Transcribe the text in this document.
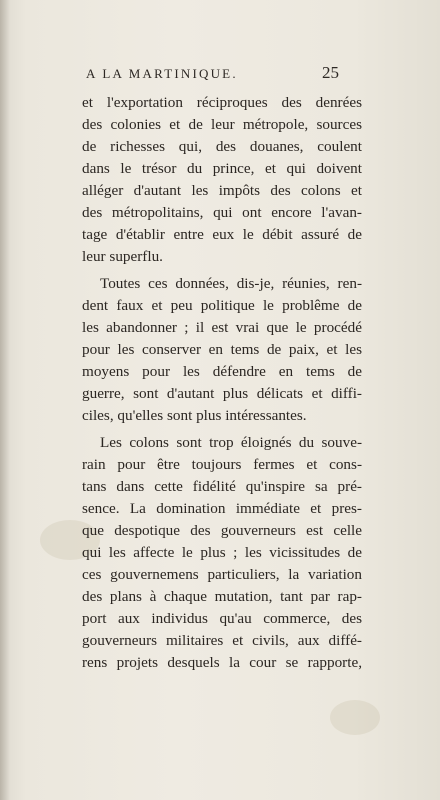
A LA MARTINIQUE.	25

et l'exportation réciproques des denrées
des colonies et de leur métropole, sources
de richesses qui, des douanes, coulent
dans le trésor du prince, et qui doivent
alléger d'autant les impôts des colons et
des métropolitains, qui ont encore l'avan-
tage d'établir entre eux le débit assuré de
leur superflu.

Toutes ces données, dis-je, réunies, ren-
dent faux et peu politique le problême de
les abandonner ; il est vrai que le procédé
pour les conserver en tems de paix, et les
moyens pour les défendre en tems de
guerre, sont d'autant plus délicats et diffi-
ciles, qu'elles sont plus intéressantes.

Les colons sont trop éloignés du souve-
rain pour être toujours fermes et cons-
tans dans cette fidélité qu'inspire sa pré-
sence. La domination immédiate et pres-
que despotique des gouverneurs est celle
qui les affecte le plus ; les vicissitudes de
ces gouvernemens particuliers, la variation
des plans à chaque mutation, tant par rap-
port aux individus qu'au commerce, des
gouverneurs militaires et civils, aux diffé-
rens projets desquels la cour se rapporte,
